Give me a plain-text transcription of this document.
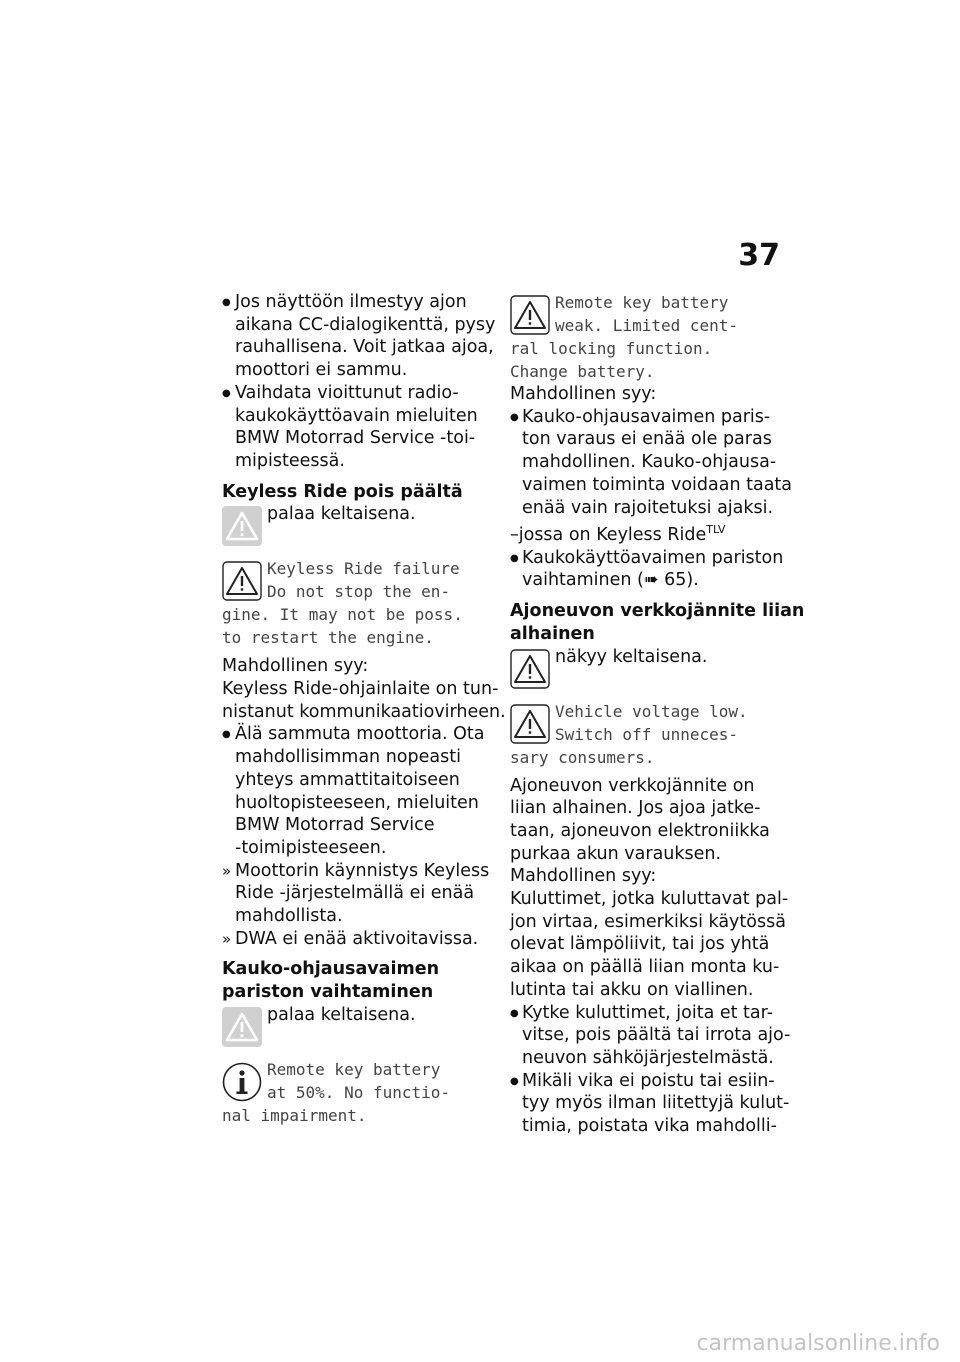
37
● Jos näyttöön ilmestyy ajon
aikana CC-dialogikenttä, pysy
rauhallisena. Voit jatkaa ajoa,
moottori ei sammu.
● Vaihdata vioittunut radio-
kaukokäyttöavain mieluiten
BMW Motorrad Service -toi-
mipisteessä.
Keyless Ride pois päältä
palaa keltaisena.
Keyless Ride failure
Do not stop the en-
gine. It may not be poss.
to restart the engine.
Mahdollinen syy:
Keyless Ride-ohjainlaite on tun-
nistanut kommunikaatiovirheen.
● Älä sammuta moottoria. Ota
mahdollisimman nopeasti
yhteys ammattitaitoiseen
huoltopisteeseen, mieluiten
BMW Motorrad Service
-toimipisteeseen.
» Moottorin käynnistys Keyless
Ride -järjestelmällä ei enää
mahdollista.
» DWA ei enää aktivoitavissa.
Kauko-ohjausavaimen
pariston vaihtaminen
palaa keltaisena.
Remote key battery
at 50%. No functio-
nal impairment.
Remote key battery
weak. Limited cent-
ral locking function.
Change battery.
Mahdollinen syy:
● Kauko-ohjausavaimen paris-
ton varaus ei enää ole paras
mahdollinen. Kauko-ohjausa-
vaimen toiminta voidaan taata
enää vain rajoitetuksi ajaksi.
–jossa on Keyless Ride$^{TLV}$
● Kaukokäyttöavaimen pariston
vaihtaminen (➠ 65).
Ajoneuvon verkkojännite liian
alhainen
näkyy keltaisena.
Vehicle voltage low.
Switch off unneces-
sary consumers.
Ajoneuvon verkkojännite on
liian alhainen. Jos ajoa jatke-
taan, ajoneuvon elektroniikka
purkaa akun varauksen.
Mahdollinen syy:
Kuluttimet, jotka kuluttavat pal-
jon virtaa, esimerkiksi käytössä
olevat lämpöliivit, tai jos yhtä
aikaa on päällä liian monta ku-
lutinta tai akku on viallinen.
● Kytke kuluttimet, joita et tar-
vitse, pois päältä tai irrota ajo-
neuvon sähköjärjestelmästä.
● Mikäli vika ei poistu tai esiin-
tyy myös ilman liitettyjä kulut-
timia, poistata vika mahdolli-
carmanualsonline.info
